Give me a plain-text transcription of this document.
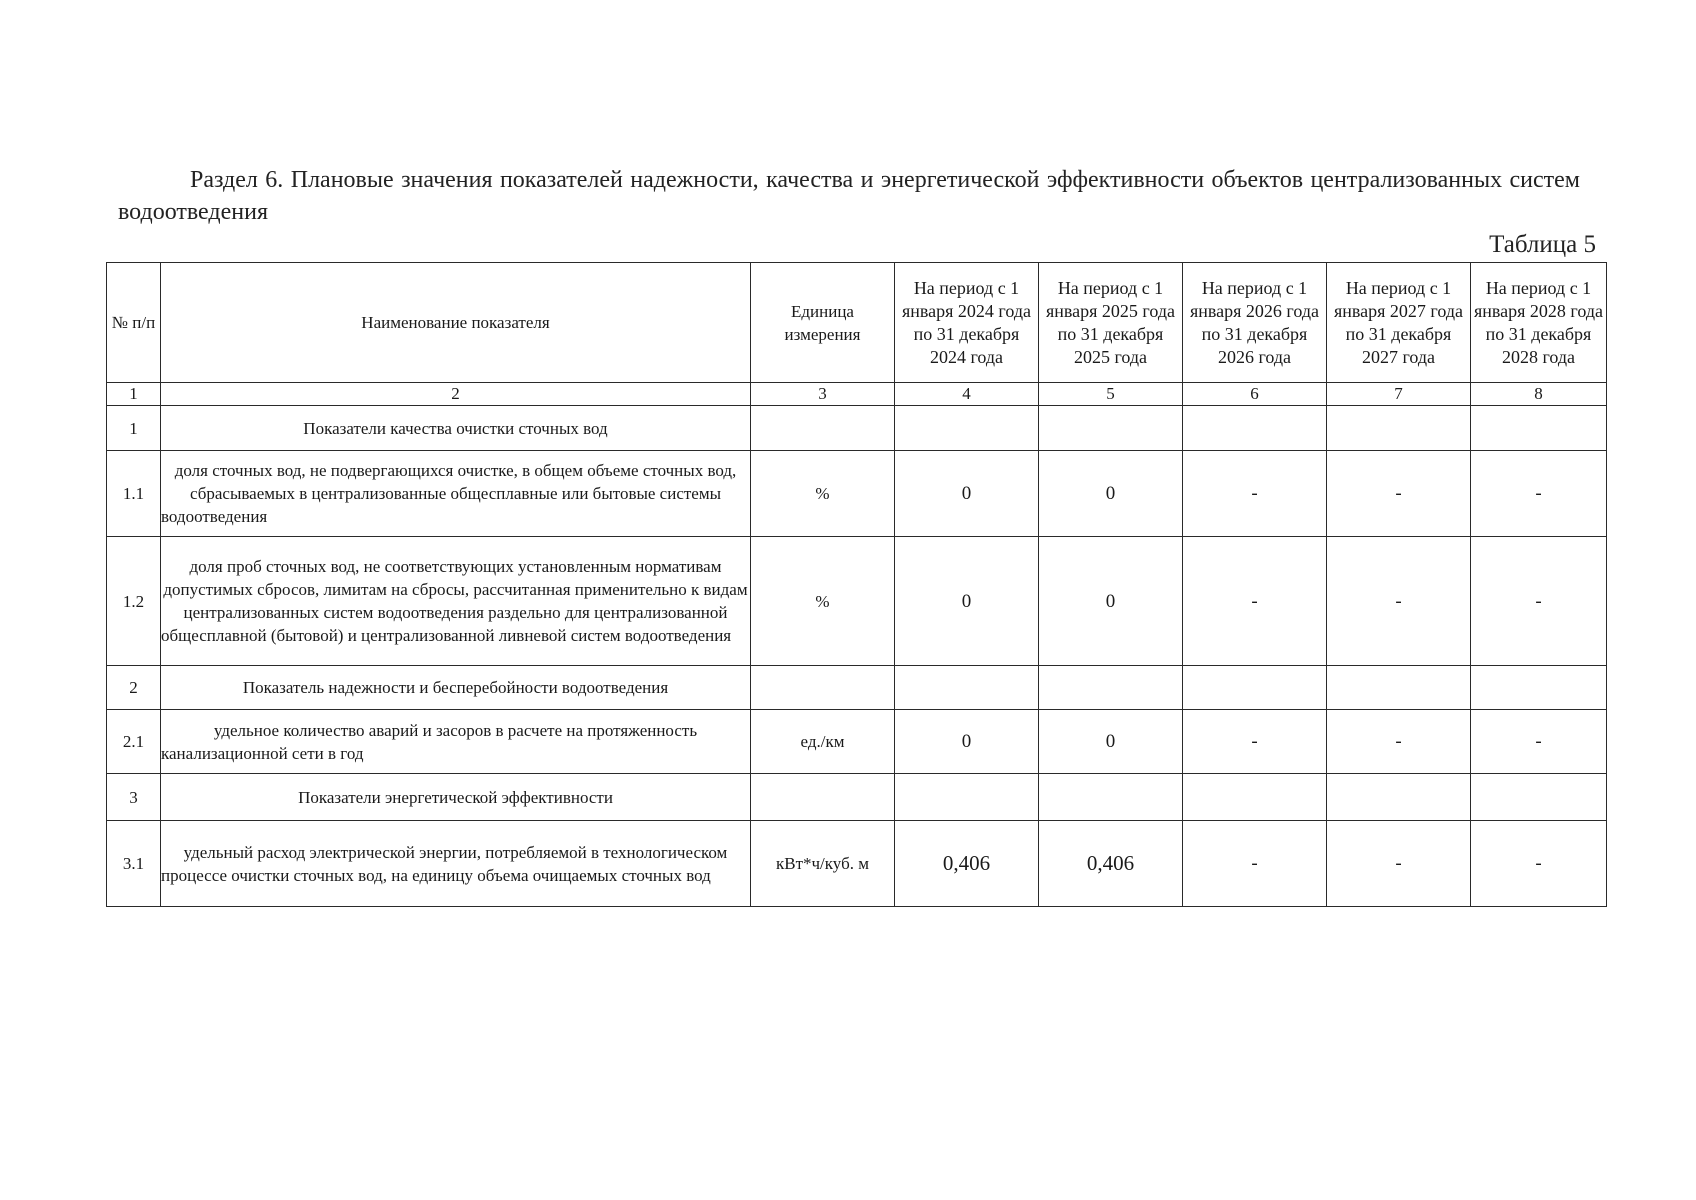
Раздел 6. Плановые значения показателей надежности, качества и энергетической эффективности объектов централизованных систем водоотведения
Таблица 5
№ п/п	Наименование показателя	Единица измерения	На период с 1 января 2024 года по 31 декабря 2024 года	На период с 1 января 2025 года по 31 декабря 2025 года	На период с 1 января 2026 года по 31 декабря 2026 года	На период с 1 января 2027 года по 31 декабря 2027 года	На период с 1 января 2028 года по 31 декабря 2028 года
1	2	3	4	5	6	7	8
1	Показатели качества очистки сточных вод						
1.1	доля сточных вод, не подвергающихся очистке, в общем объеме сточных вод, сбрасываемых в централизованные общесплавные или бытовые системы водоотведения	%	0	0	-	-	-
1.2	доля проб сточных вод, не соответствующих установленным нормативам допустимых сбросов, лимитам на сбросы, рассчитанная применительно к видам централизованных систем водоотведения раздельно для централизованной общесплавной (бытовой) и централизованной ливневой систем водоотведения	%	0	0	-	-	-
2	Показатель надежности и бесперебойности водоотведения						
2.1	удельное количество аварий и засоров в расчете на протяженность канализационной сети в год	ед./км	0	0	-	-	-
3	Показатели энергетической эффективности						
3.1	удельный расход электрической энергии, потребляемой в технологическом процессе очистки сточных вод, на единицу объема очищаемых сточных вод	кВт*ч/куб. м	0,406	0,406	-	-	-
